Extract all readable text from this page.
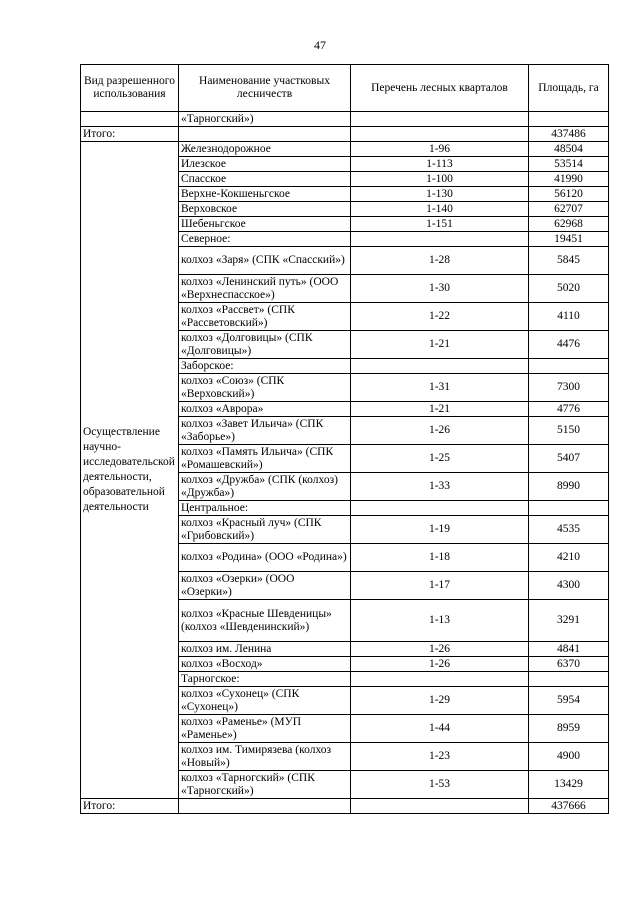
47
Вид разрешенного использования	Наименование участковых лесничеств	Перечень лесных кварталов	Площадь, га
	«Тарногский»)		
Итого:			437486
Осуществление научно-исследовательской деятельности, образовательной деятельности	Железнодорожное	1-96	48504
	Илезское	1-113	53514
	Спасское	1-100	41990
	Верхне-Кокшеньгское	1-130	56120
	Верховское	1-140	62707
	Шебеньгское	1-151	62968
	Северное:		19451
	колхоз «Заря» (СПК «Спасский»)	1-28	5845
	колхоз «Ленинский путь» (ООО «Верхнеспасское»)	1-30	5020
	колхоз «Рассвет» (СПК «Рассветовский»)	1-22	4110
	колхоз «Долговицы» (СПК «Долговицы»)	1-21	4476
	Заборское:		
	колхоз «Союз» (СПК «Верховский»)	1-31	7300
	колхоз «Аврора»	1-21	4776
	колхоз «Завет Ильича» (СПК «Заборье»)	1-26	5150
	колхоз «Память Ильича» (СПК «Ромашевский»)	1-25	5407
	колхоз «Дружба» (СПК (колхоз) «Дружба»)	1-33	8990
	Центральное:		
	колхоз «Красный луч» (СПК «Грибовский»)	1-19	4535
	колхоз «Родина» (ООО «Родина»)	1-18	4210
	колхоз «Озерки» (ООО «Озерки»)	1-17	4300
	колхоз «Красные Шевденицы» (колхоз «Шевденинский»)	1-13	3291
	колхоз им. Ленина	1-26	4841
	колхоз «Восход»	1-26	6370
	Тарногское:		
	колхоз «Сухонец» (СПК «Сухонец»)	1-29	5954
	колхоз «Раменье» (МУП «Раменье»)	1-44	8959
	колхоз им. Тимирязева (колхоз «Новый»)	1-23	4900
	колхоз «Тарногский» (СПК «Тарногский»)	1-53	13429
Итого:			437666
